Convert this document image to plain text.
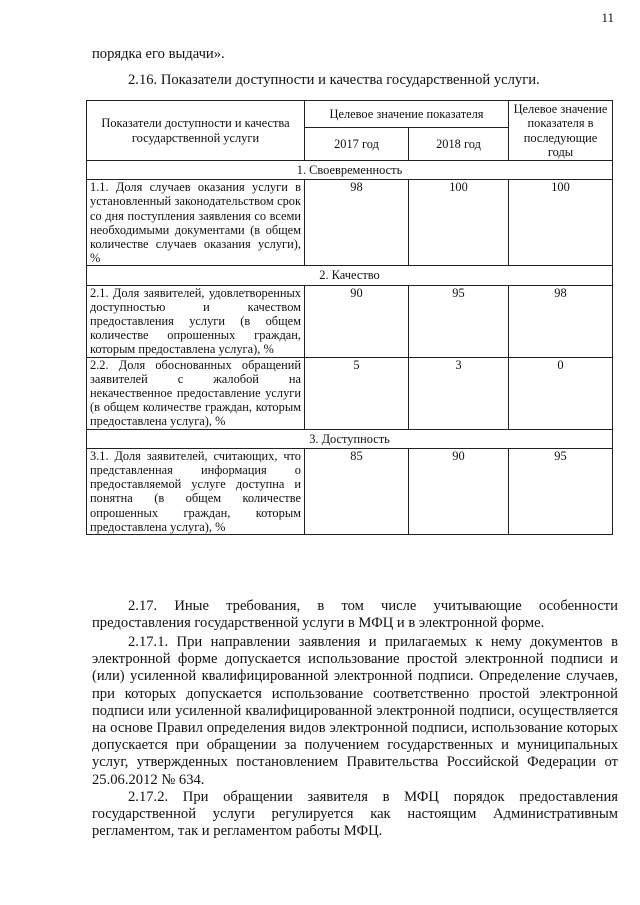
11

порядка его выдачи».

2.16. Показатели доступности и качества государственной услуги.

Показатели доступности и качества государственной услуги	Целевое значение показателя		Целевое значение показателя в последующие годы
	2017 год	2018 год	
1. Своевременность			
1.1. Доля случаев оказания услуги в установленный законодательством срок со дня поступления заявления со всеми необходимыми документами (в общем количестве случаев оказания услуги), %	98	100	100
2. Качество			
2.1. Доля заявителей, удовлетворенных доступностью и качеством предоставления услуги (в общем количестве опрошенных граждан, которым предоставлена услуга), %	90	95	98
2.2. Доля обоснованных обращений заявителей с жалобой на некачественное предоставление услуги (в общем количестве граждан, которым предоставлена услуга), %	5	3	0
3. Доступность			
3.1. Доля заявителей, считающих, что представленная информация о предоставляемой услуге доступна и понятна (в общем количестве опрошенных граждан, которым предоставлена услуга), %	85	90	95

2.17. Иные требования, в том числе учитывающие особенности предоставления государственной услуги в МФЦ и в электронной форме.

2.17.1. При направлении заявления и прилагаемых к нему документов в электронной форме допускается использование простой электронной подписи и (или) усиленной квалифицированной электронной подписи. Определение случаев, при которых допускается использование соответственно простой электронной подписи или усиленной квалифицированной электронной подписи, осуществляется на основе Правил определения видов электронной подписи, использование которых допускается при обращении за получением государственных и муниципальных услуг, утвержденных постановлением Правительства Российской Федерации от 25.06.2012 № 634.

2.17.2. При обращении заявителя в МФЦ порядок предоставления государственной услуги регулируется как настоящим Административным регламентом, так и регламентом работы МФЦ.
